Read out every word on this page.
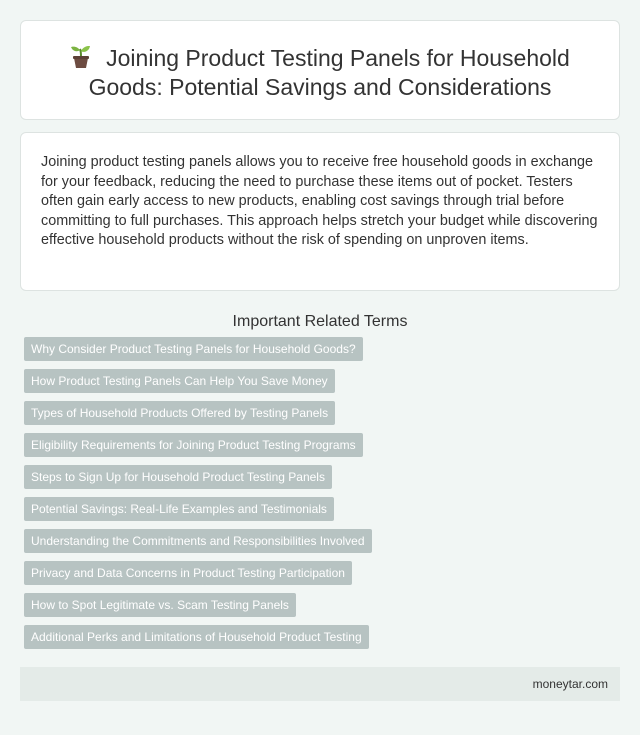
Joining Product Testing Panels for Household Goods: Potential Savings and Considerations

Joining product testing panels allows you to receive free household goods in exchange for your feedback, reducing the need to purchase these items out of pocket. Testers often gain early access to new products, enabling cost savings through trial before committing to full purchases. This approach helps stretch your budget while discovering effective household products without the risk of spending on unproven items.

Important Related Terms
Why Consider Product Testing Panels for Household Goods?
How Product Testing Panels Can Help You Save Money
Types of Household Products Offered by Testing Panels
Eligibility Requirements for Joining Product Testing Programs
Steps to Sign Up for Household Product Testing Panels
Potential Savings: Real-Life Examples and Testimonials
Understanding the Commitments and Responsibilities Involved
Privacy and Data Concerns in Product Testing Participation
How to Spot Legitimate vs. Scam Testing Panels
Additional Perks and Limitations of Household Product Testing
moneytar.com
